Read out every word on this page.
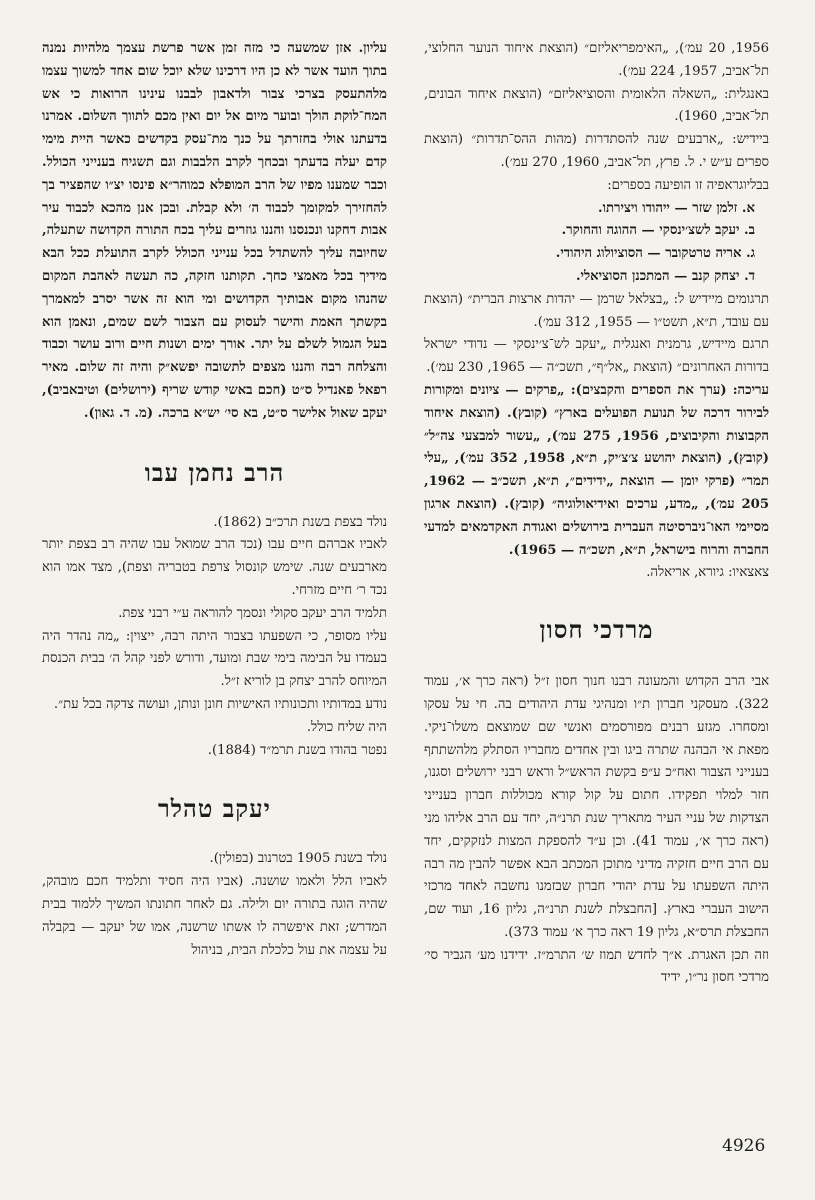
1956, 20 עמ׳), „האימפריאליזם״ (הוצאת איחוד הנוער החלוצי, תל־אביב, 1957, 224 עמ׳).

באנגלית: „השאלה הלאומית והסוציאליזם״ (הוצאת איחוד הבונים, תל־אביב, 1960).

ביידיש: „ארבעים שנה להסתדרות (מהות ההס־תדרות״ (הוצאת ספרים ע״ש י. ל. פרץ, תל־אביב, 1960, 270 עמ׳).

בבליוגראפיה זו הופיעה בספרים:

א. זלמן שזר — ייהודו ויצירתו.

ב. יעקב לשצ׳ינסקי — ההוגה והחוקר.

ג. אריה טרטקובר — הסוציולוג היהודי.

ד. יצחק קנב — המתכנן הסוציאלי.

תרגומים מיידיש ל: „בצלאל שרמן — יהדות ארצות הברית״ (הוצאת עם עובד, ת״א, תשט״ו — 1955, 312 עמ׳).

תרגם מיידיש, גרמנית ואנגלית „יעקב לש־צ׳ינסקי — נדודי ישראל בדורות האחרונים״ (הוצאת „אל״ף״, תשכ״ה — 1965, 230 עמ׳).

עריכה: (ערך את הספרים והקבצים): „פרקים — ציונים ומקורות לבירור דרכה של תנועת הפועלים בארץ״ (קובץ). (הוצאת איחוד הקבוצות והקיבוצים, 1956, 275 עמ׳), „עשור למבצעי צה״ל״ (קובץ), (הוצאת יהושע צ׳צ׳יק, ת״א, 1958, 352 עמ׳), „עלי תמר״ (פרקי יומן — הוצאת „ידידים״, ת״א, תשכ״ב — 1962, 205 עמ׳), „מדע, ערכים ואידיאולוגיה״ (קובץ). (הוצאת ארגון מסיימי האו־ניברסיטה העברית בירושלים ואגודת האקדמאים למדעי החברה והרוח בישראל, ת״א, תשכ״ה — 1965).

צאצאיו: גיורא, אריאלה.

מרדכי חסון

אבי הרב הקדוש והמעונה רבנו חנוך חסון ז״ל (ראה כרך א׳, עמוד 322). מעסקני חברון ת״ו ומנהיגי עדת היהודים בה. חי על עסקו ומסחרו. מגזע רבנים מפורסמים ואנשי שם שמוצאם משלו־ניקי. מפאת אי הבהנה שתרה ביגו ובין אחדים מחבריו הסתלק מלהשתתף בענייני הצבור ואח״כ ע״פ בקשת הראש״ל וראש רבני ירושלים וסגנו, חזר למלוי תפקידו. חתום על קול קורא מכוללות חברון בענייני הצדקות של עניי העיר מתאריך שנת תרנ״ה, יחד עם הרב אליהו מני (ראה כרך א׳, עמוד 41). וכן ע״ד להספקת המצות לנזקקים, יחד עם הרב חיים חזקיה מדיני מתוכן המכתב הבא אפשר להבין מה רבה היתה השפעתו על עדת יהודי חברון שבזמנו נחשבה לאחד מרכזי הישוב העברי בארץ. [החבצלת לשנת תרנ״ה, גליון 16, ועוד שם, החבצלת תרס״א, גליון 19 ראה כרך א׳ עמוד 373).

וזה תכן האגרת. א״ך לחדש תמוז ש׳ התרמ״ז. ידידנו מע׳ הגביר סי׳ מרדכי חסון נר״ו, ידיד

עליון. אזן שמשעה כי מזה זמן אשר פרשת עצמך מלהיות נמנה בתוך הועד אשר לא כן היו דרכינו שלא יוכל שום אחד למשוך עצמו מלהתעסק בצרכי צבור ולדאבון לבבנו עינינו הרואות כי אש המח־לוקת הולך ובוער מיום אל יום ואין מכם לתווך השלום. אמרנו בדעתנו אולי בחזרתך על כנך מת־עסק בקדשים כאשר היית מימי קדם יעלה בדעתך ובכחך לקרב הלבבות וגם תשגיח בענייני הכולל. וכבר שמענו מפיו של הרב המופלא כמוהר״א פינסו יצ״ו שהפציר בך להחזירך למקומך לכבוד ה׳ ולא קבלת. ובכן אנן מהכא לכבוד עיר אבות דחקנו ונכנסנו והננו גוזרים עליך בכח התורה הקדושה שתעלה, שחיובה עליך להשתדל בכל ענייני הכולל לקרב התועלת ככל הבא מידיך בכל מאמצי כחך. תקותנו חזקה, כה תעשה לאהבת המקום שהנהו מקום אבותיך הקדושים ומי הוא זה אשר יסרב למאמרך בקשתך האמת והישר לעסוק עם הצבור לשם שמים, ונאמן הוא בעל הגמול לשלם על יתר. אורך ימים ושנות חיים ורוב עושר וכבוד והצלחה רבה והננו מצפים לתשובה יפשא״ק והיה זה שלום. מאיר רפאל פאנדיל ס״ט (חכם באשי קודש שריף (ירושלים) וטיבאביב), יעקב שאול אלישר ס״ט, בא סי׳ יש״א ברכה. (מ. ד. גאון).

הרב נחמן עבו

נולד בצפת בשנת תרכ״ב (1862).

לאביו אברהם חיים עבו (נכד הרב שמואל עבו שהיה רב בצפת יותר מארבעים שנה. שימש קונסול צרפת בטבריה וצפת), מצד אמו הוא נכד ר׳ חיים מזרחי.

תלמיד הרב יעקב סקולי ונסמך להוראה ע״י רבני צפת.

עליו מסופר, כי השפעתו בצבור היתה רבה, ייצוין: „מה נהדר היה בעמדו על הבימה בימי שבת ומועד, ודורש לפני קהל ה׳ בבית הכנסת המיוחס להרב יצחק בן לוריא ז״ל.

נודע במדותיו ותכונותיו האישיות חונן ונותן, ועושה צדקה בכל עת״.

היה שליח כולל.

נפטר בהודו בשנת תרמ״ד (1884).

יעקב טהלר

נולד בשנת 1905 בטרנוב (בפולין).

לאביו הלל ולאמו שושנה. (אביו היה חסיד ותלמיד חכם מובהק, שהיה הוגה בתורה יום ולילה. גם לאחר חתונתו המשיך ללמוד בבית המדרש; זאת איפשרה לו אשתו שרשנה, אמו של יעקב — בקבלה על עצמה את עול כלכלת הבית, בניהול

4926
